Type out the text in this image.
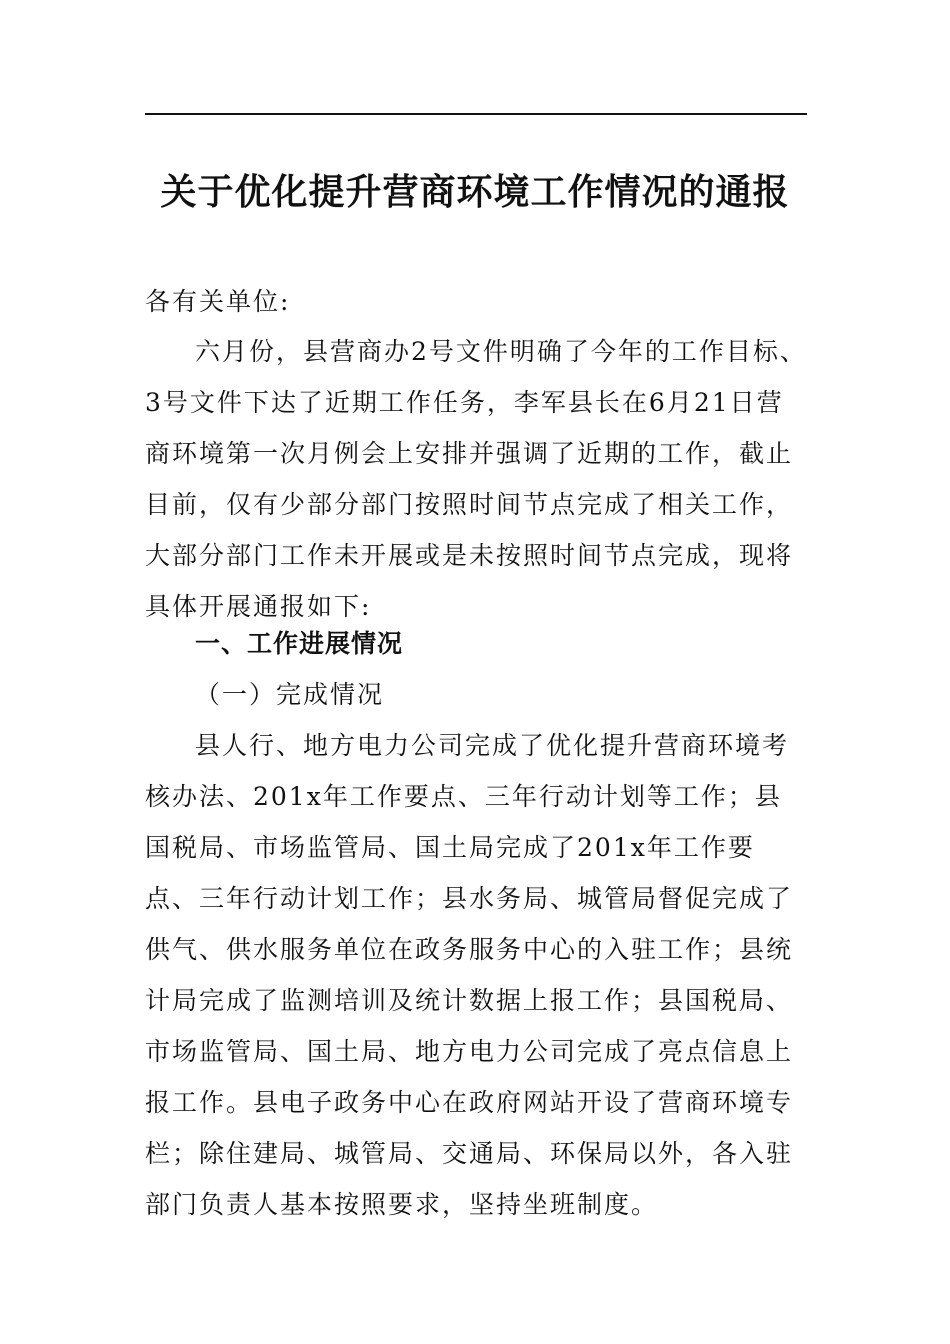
关于优化提升营商环境工作情况的通报

各有关单位:

六月份，县营商办2号文件明确了今年的工作目标、3号文件下达了近期工作任务，李军县长在6月21日营商环境第一次月例会上安排并强调了近期的工作，截止目前，仅有少部分部门按照时间节点完成了相关工作，大部分部门工作未开展或是未按照时间节点完成，现将具体开展通报如下:

一、工作进展情况

（一）完成情况

县人行、地方电力公司完成了优化提升营商环境考核办法、201x年工作要点、三年行动计划等工作；县国税局、市场监管局、国土局完成了201x年工作要点、三年行动计划工作；县水务局、城管局督促完成了供气、供水服务单位在政务服务中心的入驻工作；县统计局完成了监测培训及统计数据上报工作；县国税局、市场监管局、国土局、地方电力公司完成了亮点信息上报工作。县电子政务中心在政府网站开设了营商环境专栏；除住建局、城管局、交通局、环保局以外，各入驻部门负责人基本按照要求，坚持坐班制度。
